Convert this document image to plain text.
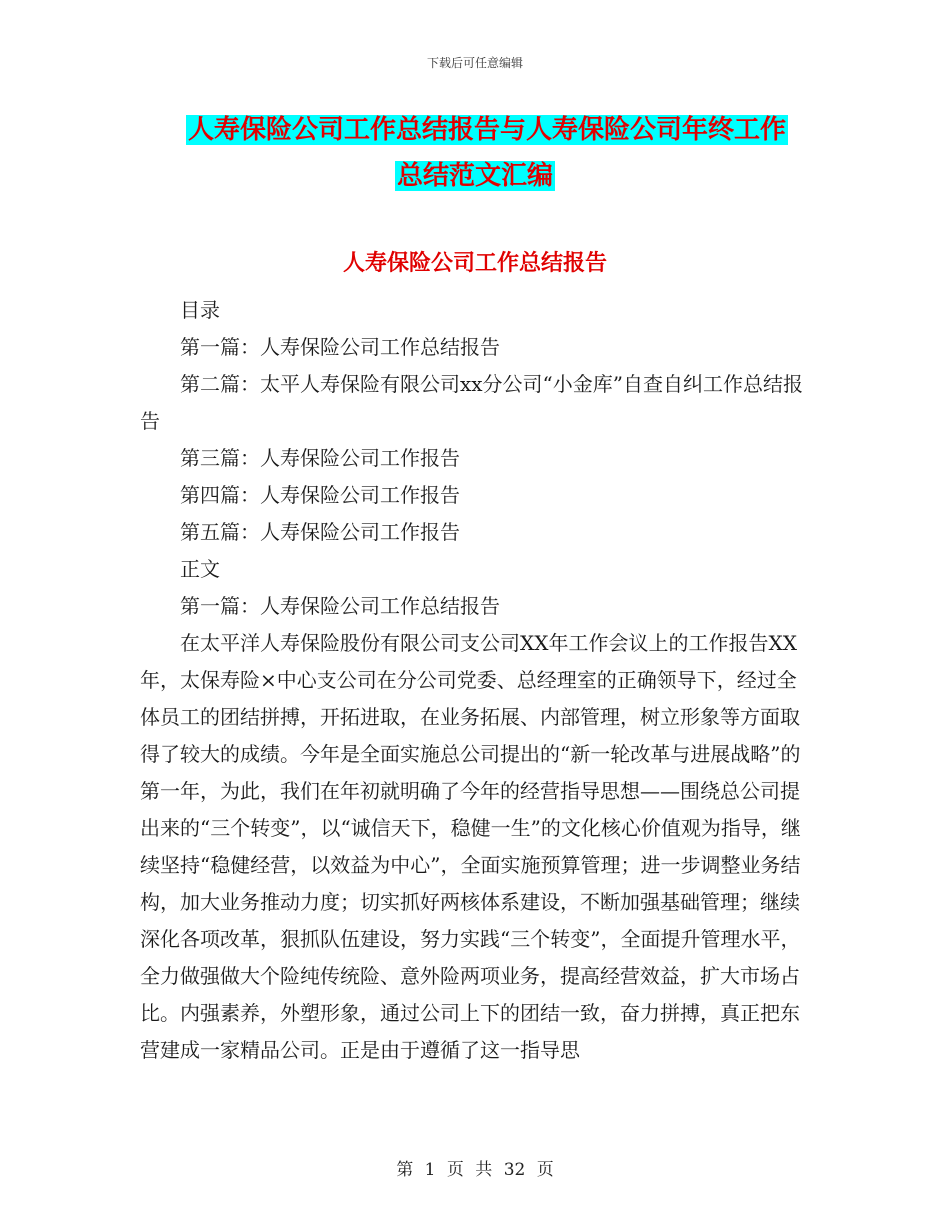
下载后可任意编辑
人寿保险公司工作总结报告与人寿保险公司年终工作
总结范文汇编
人寿保险公司工作总结报告

目录

第一篇：人寿保险公司工作总结报告

第二篇：太平人寿保险有限公司xx分公司“小金库”自查自纠工作总结报告

第三篇：人寿保险公司工作报告

第四篇：人寿保险公司工作报告

第五篇：人寿保险公司工作报告

正文

第一篇：人寿保险公司工作总结报告

在太平洋人寿保险股份有限公司支公司XX年工作会议上的工作报告XX年，太保寿险×中心支公司在分公司党委、总经理室的正确领导下，经过全体员工的团结拼搏，开拓进取，在业务拓展、内部管理，树立形象等方面取得了较大的成绩。今年是全面实施总公司提出的“新一轮改革与进展战略”的第一年，为此，我们在年初就明确了今年的经营指导思想——围绕总公司提出来的“三个转变”，以“诚信天下，稳健一生”的文化核心价值观为指导，继续坚持“稳健经营，以效益为中心”，全面实施预算管理；进一步调整业务结构，加大业务推动力度；切实抓好两核体系建设，不断加强基础管理；继续深化各项改革，狠抓队伍建设，努力实践“三个转变”，全面提升管理水平，全力做强做大个险纯传统险、意外险两项业务，提高经营效益，扩大市场占比。内强素养，外塑形象，通过公司上下的团结一致，奋力拼搏，真正把东营建成一家精品公司。正是由于遵循了这一指导思

第 1 页 共 32 页
